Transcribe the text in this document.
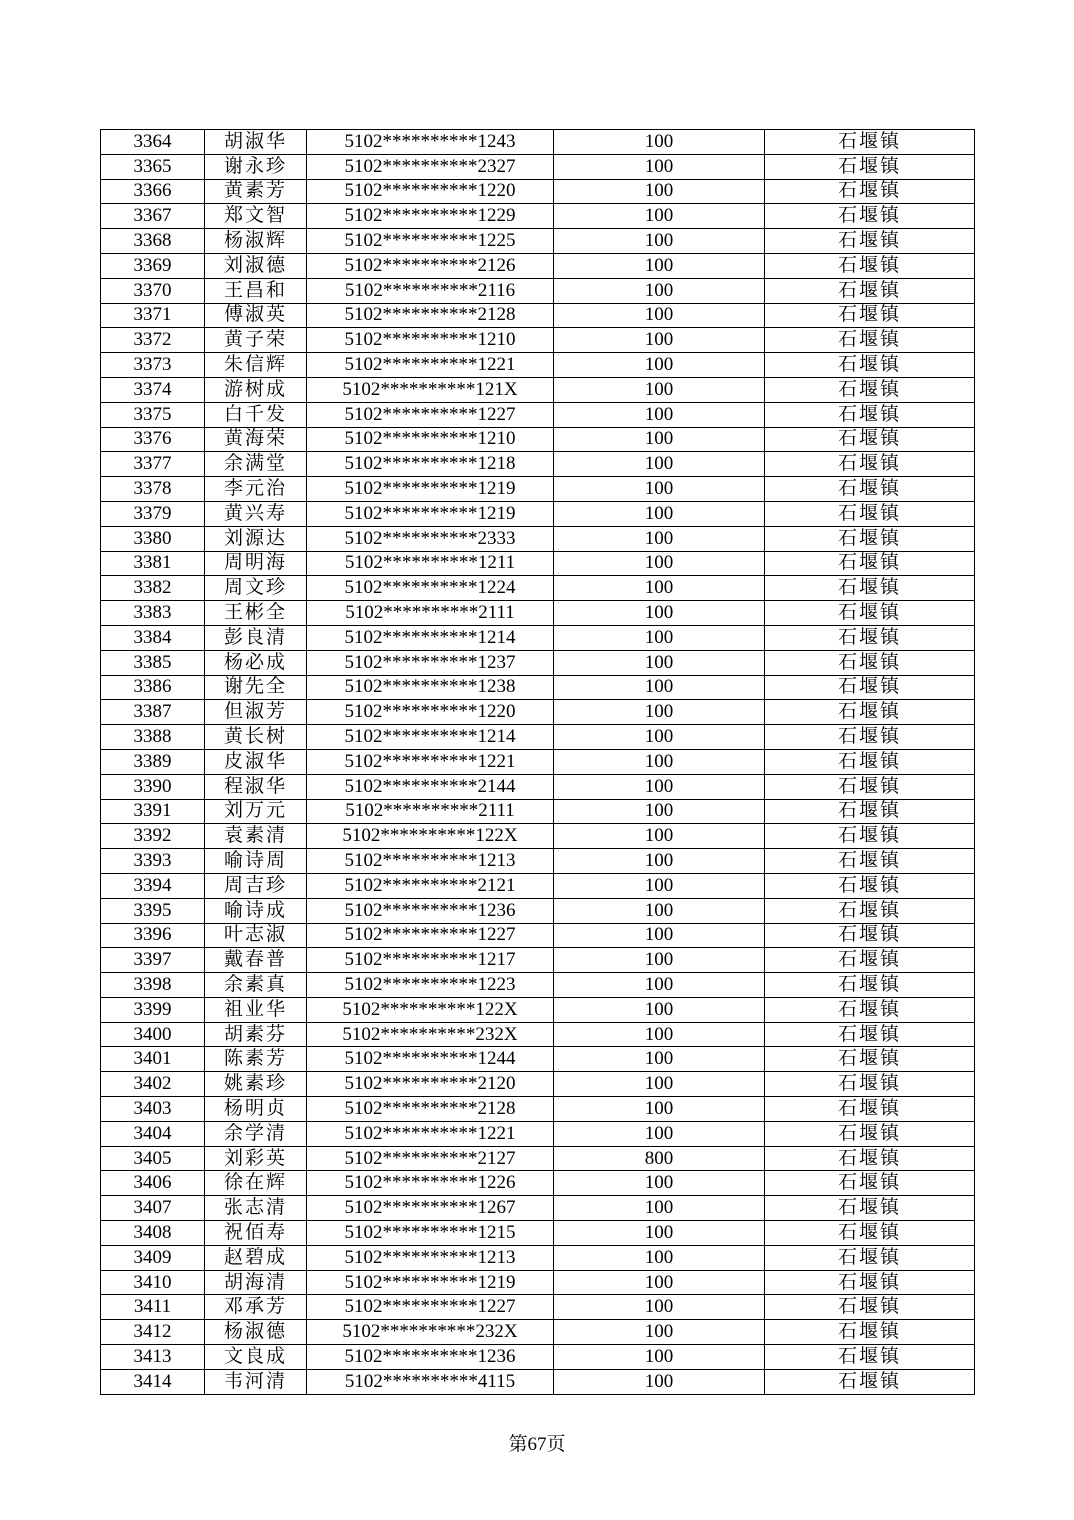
3364	胡淑华	5102**********1243	100	石堰镇
3365	谢永珍	5102**********2327	100	石堰镇
3366	黄素芳	5102**********1220	100	石堰镇
3367	郑文智	5102**********1229	100	石堰镇
3368	杨淑辉	5102**********1225	100	石堰镇
3369	刘淑德	5102**********2126	100	石堰镇
3370	王昌和	5102**********2116	100	石堰镇
3371	傅淑英	5102**********2128	100	石堰镇
3372	黄子荣	5102**********1210	100	石堰镇
3373	朱信辉	5102**********1221	100	石堰镇
3374	游树成	5102**********121X	100	石堰镇
3375	白千发	5102**********1227	100	石堰镇
3376	黄海荣	5102**********1210	100	石堰镇
3377	余满堂	5102**********1218	100	石堰镇
3378	李元治	5102**********1219	100	石堰镇
3379	黄兴寿	5102**********1219	100	石堰镇
3380	刘源达	5102**********2333	100	石堰镇
3381	周明海	5102**********1211	100	石堰镇
3382	周文珍	5102**********1224	100	石堰镇
3383	王彬全	5102**********2111	100	石堰镇
3384	彭良清	5102**********1214	100	石堰镇
3385	杨必成	5102**********1237	100	石堰镇
3386	谢先全	5102**********1238	100	石堰镇
3387	但淑芳	5102**********1220	100	石堰镇
3388	黄长树	5102**********1214	100	石堰镇
3389	皮淑华	5102**********1221	100	石堰镇
3390	程淑华	5102**********2144	100	石堰镇
3391	刘万元	5102**********2111	100	石堰镇
3392	袁素清	5102**********122X	100	石堰镇
3393	喻诗周	5102**********1213	100	石堰镇
3394	周吉珍	5102**********2121	100	石堰镇
3395	喻诗成	5102**********1236	100	石堰镇
3396	叶志淑	5102**********1227	100	石堰镇
3397	戴春普	5102**********1217	100	石堰镇
3398	余素真	5102**********1223	100	石堰镇
3399	祖业华	5102**********122X	100	石堰镇
3400	胡素芬	5102**********232X	100	石堰镇
3401	陈素芳	5102**********1244	100	石堰镇
3402	姚素珍	5102**********2120	100	石堰镇
3403	杨明贞	5102**********2128	100	石堰镇
3404	余学清	5102**********1221	100	石堰镇
3405	刘彩英	5102**********2127	800	石堰镇
3406	徐在辉	5102**********1226	100	石堰镇
3407	张志清	5102**********1267	100	石堰镇
3408	祝佰寿	5102**********1215	100	石堰镇
3409	赵碧成	5102**********1213	100	石堰镇
3410	胡海清	5102**********1219	100	石堰镇
3411	邓承芳	5102**********1227	100	石堰镇
3412	杨淑德	5102**********232X	100	石堰镇
3413	文良成	5102**********1236	100	石堰镇
3414	韦河清	5102**********4115	100	石堰镇
第67页
